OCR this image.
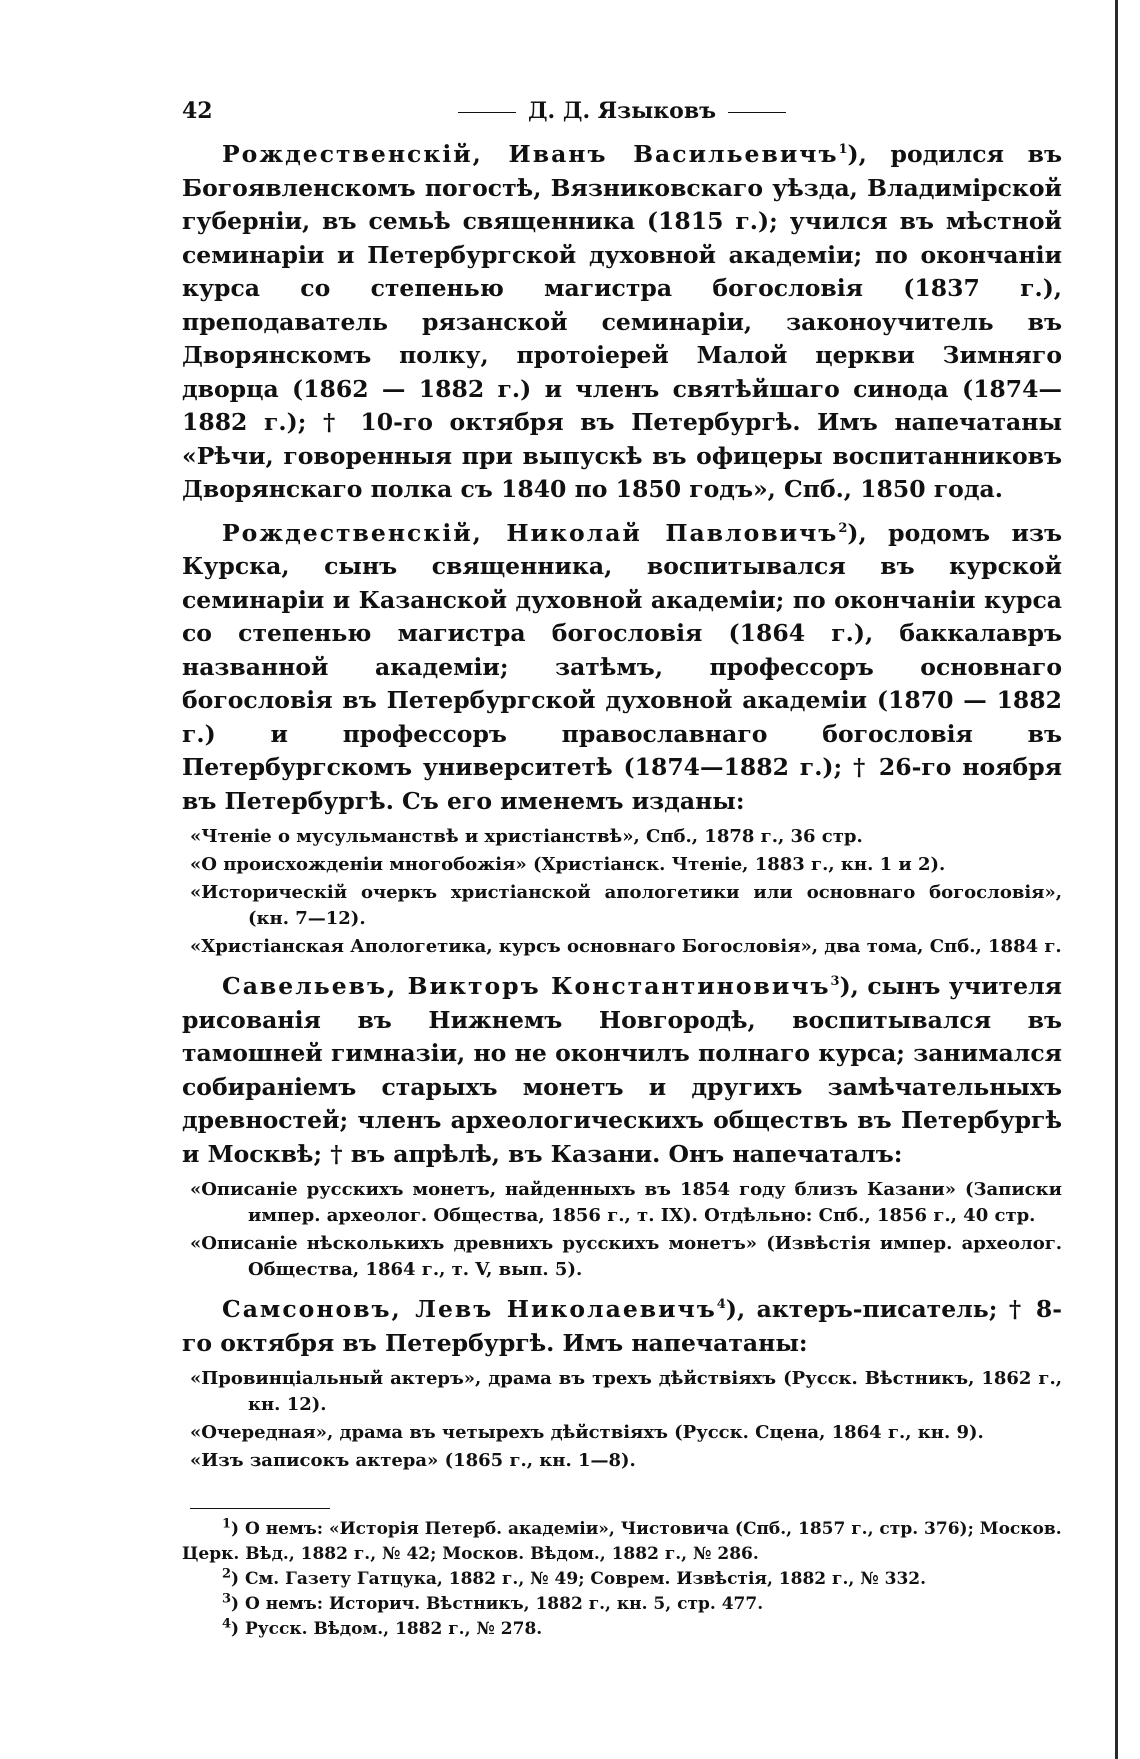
42	Д. Д. Языковъ

Рождественскій, Иванъ Васильевичъ$^1$), родился въ Богоявленскомъ погостѣ, Вязниковскаго уѣзда, Владимірской губерніи, въ семьѣ священника (1815 г.); учился въ мѣстной семинаріи и Петербургской духовной академіи; по окончаніи курса со степенью магистра богословія (1837 г.), преподаватель рязанской семинаріи, законоучитель въ Дворянскомъ полку, протоіерей Малой церкви Зимняго дворца (1862 — 1882 г.) и членъ святѣйшаго синода (1874—1882 г.); † 10-го октября въ Петербургѣ. Имъ напечатаны «Рѣчи, говоренныя при выпускѣ въ офицеры воспитанниковъ Дворянскаго полка съ 1840 по 1850 годъ», Спб., 1850 года.

Рождественскій, Николай Павловичъ$^2$), родомъ изъ Курска, сынъ священника, воспитывался въ курской семинаріи и Казанской духовной академіи; по окончаніи курса со степенью магистра богословія (1864 г.), баккалавръ названной академіи; затѣмъ, профессоръ основнаго богословія въ Петербургской духовной академіи (1870 — 1882 г.) и профессоръ православнаго богословія въ Петербургскомъ университетѣ (1874—1882 г.); † 26-го ноября въ Петербургѣ. Съ его именемъ изданы:

«Чтеніе о мусульманствѣ и христіанствѣ», Спб., 1878 г., 36 стр.

«О происхожденіи многобожія» (Христіанск. Чтеніе, 1883 г., кн. 1 и 2).

«Историческій очеркъ христіанской апологетики или основнаго богословія», (кн. 7—12).

«Христіанская Апологетика, курсъ основнаго Богословія», два тома, Спб., 1884 г.

Савельевъ, Викторъ Константиновичъ$^3$), сынъ учителя рисованія въ Нижнемъ Новгородѣ, воспитывался въ тамошней гимназіи, но не окончилъ полнаго курса; занимался собираніемъ старыхъ монетъ и другихъ замѣчательныхъ древностей; членъ археологическихъ обществъ въ Петербургѣ и Москвѣ; † въ апрѣлѣ, въ Казани. Онъ напечаталъ:

«Описаніе русскихъ монетъ, найденныхъ въ 1854 году близъ Казани» (Записки импер. археолог. Общества, 1856 г., т. IX). Отдѣльно: Спб., 1856 г., 40 стр.

«Описаніе нѣсколькихъ древнихъ русскихъ монетъ» (Извѣстія импер. археолог. Общества, 1864 г., т. V, вып. 5).

Самсоновъ, Левъ Николаевичъ$^4$), актеръ-писатель; † 8-го октября въ Петербургѣ. Имъ напечатаны:

«Провинціальный актеръ», драма въ трехъ дѣйствіяхъ (Русск. Вѣстникъ, 1862 г., кн. 12).

«Очередная», драма въ четырехъ дѣйствіяхъ (Русск. Сцена, 1864 г., кн. 9).

«Изъ записокъ актера» (1865 г., кн. 1—8).

$^1$) О немъ: «Исторія Петерб. академіи», Чистовича (Спб., 1857 г., стр. 376); Москов. Церк. Вѣд., 1882 г., № 42; Москов. Вѣдом., 1882 г., № 286.

$^2$) См. Газету Гатцука, 1882 г., № 49; Соврем. Извѣстія, 1882 г., № 332.

$^3$) О немъ: Историч. Вѣстникъ, 1882 г., кн. 5, стр. 477.

$^4$) Русск. Вѣдом., 1882 г., № 278.
